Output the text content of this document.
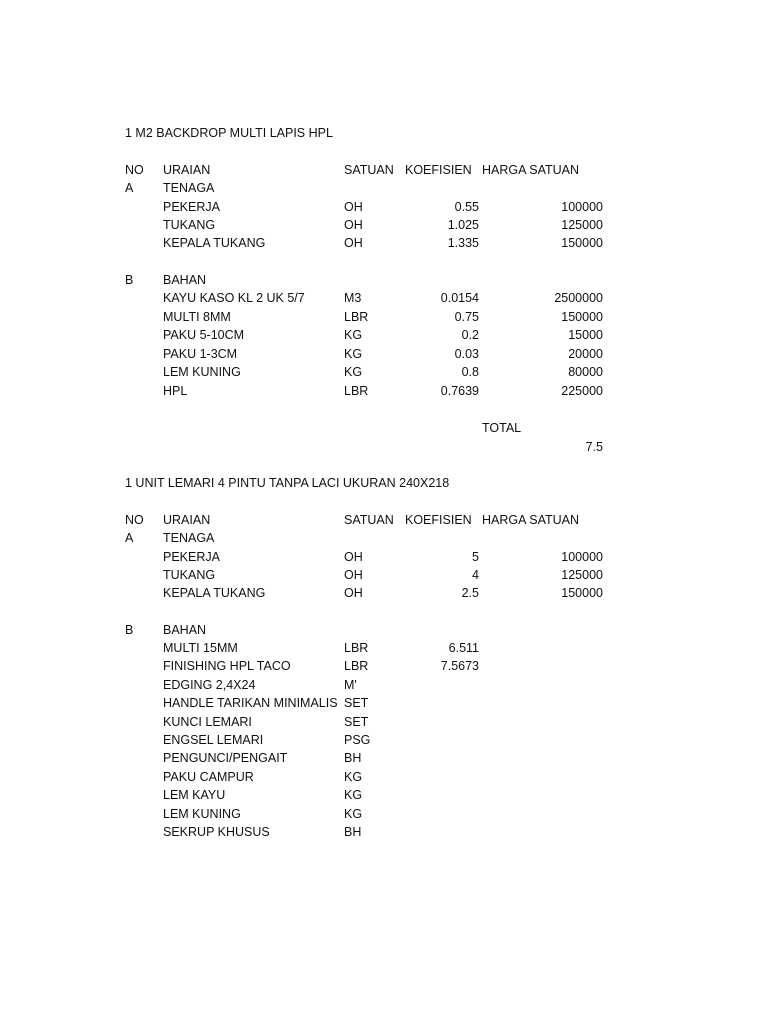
1 M2 BACKDROP MULTI LAPIS HPL
NO URAIAN	SATUAN KOEFISIEN HARGA SATUAN
A TENAGA
PEKERJA	OH	0.55	100000
TUKANG	OH	1.025	125000
KEPALA TUKANG	OH	1.335	150000
B BAHAN
KAYU KASO KL 2 UK 5/7	M3	0.0154	2500000
MULTI 8MM	LBR	0.75	150000
PAKU 5-10CM	KG	0.2	15000
PAKU 1-3CM	KG	0.03	20000
LEM KUNING	KG	0.8	80000
HPL	LBR	0.7639	225000
TOTAL
7.5
1 UNIT LEMARI 4 PINTU TANPA LACI UKURAN 240X218
NO URAIAN	SATUAN KOEFISIEN HARGA SATUAN
A TENAGA
PEKERJA	OH	5	100000
TUKANG	OH	4	125000
KEPALA TUKANG	OH	2.5	150000
B BAHAN
MULTI 15MM	LBR	6.511
FINISHING HPL TACO	LBR	7.5673
EDGING 2,4X24	M'
HANDLE TARIKAN MINIMALIS SET
KUNCI LEMARI	SET
ENGSEL LEMARI	PSG
PENGUNCI/PENGAIT	BH
PAKU CAMPUR	KG
LEM KAYU	KG
LEM KUNING	KG
SEKRUP KHUSUS	BH
